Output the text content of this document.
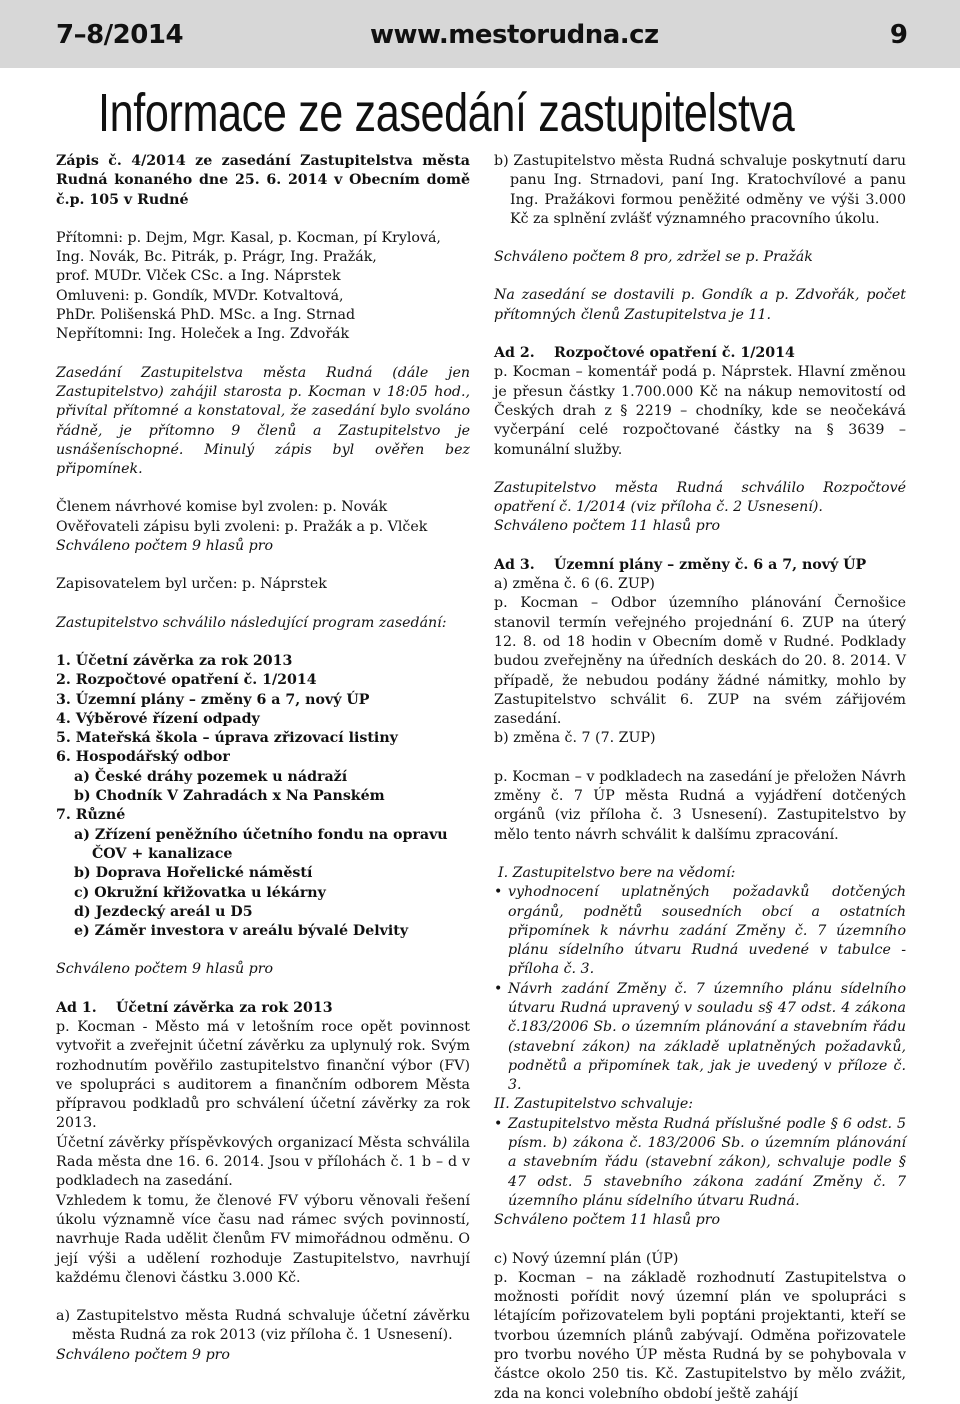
7–8/2014	www.mestorudna.cz	9
Informace ze zasedání zastupitelstva

Zápis č. 4/2014 ze zasedání Zastupitelstva města Rudná konaného dne 25. 6. 2014 v Obecním domě č.p. 105 v Rudné

Přítomni: p. Dejm, Mgr. Kasal, p. Kocman, pí Krylová,

Ing. Novák, Bc. Pitrák, p. Prágr, Ing. Pražák,

prof. MUDr. Vlček CSc. a Ing. Náprstek

Omluveni: p. Gondík, MVDr. Kotvaltová,

PhDr. Polišenská PhD. MSc. a Ing. Strnad

Nepřítomni: Ing. Holeček a Ing. Zdvořák

Zasedání Zastupitelstva města Rudná (dále jen Zastupitelstvo) zahájil starosta p. Kocman v 18:05 hod., přivítal přítomné a konstatoval, že zasedání bylo svoláno řádně, je přítomno 9 členů a Zastupitelstvo je usnášeníschopné. Minulý zápis byl ověřen bez připomínek.

Členem návrhové komise byl zvolen: p. Novák

Ověřovateli zápisu byli zvoleni: p. Pražák a p. Vlček

Schváleno počtem 9 hlasů pro

Zapisovatelem byl určen: p. Náprstek

Zastupitelstvo schválilo následující program zasedání:

1. Účetní závěrka za rok 2013

2. Rozpočtové opatření č. 1/2014

3. Územní plány – změny 6 a 7, nový ÚP

4. Výběrové řízení odpady

5. Mateřská škola – úprava zřizovací listiny

6. Hospodářský odbor

a) České dráhy pozemek u nádraží

b) Chodník V Zahradách x Na Panském

7. Různé

a) Zřízení peněžního účetního fondu na opravu ČOV + kanalizace

b) Doprava Hořelické náměstí

c) Okružní křižovatka u lékárny

d) Jezdecký areál u D5

e) Záměr investora v areálu bývalé Delvity

Schváleno počtem 9 hlasů pro

Ad 1. Účetní závěrka za rok 2013

p. Kocman - Město má v letošním roce opět povinnost vytvořit a zveřejnit účetní závěrku za uplynulý rok. Svým rozhodnutím pověřilo zastupitelstvo finanční výbor (FV) ve spolupráci s auditorem a finančním odborem Města přípravou podkladů pro schválení účetní závěrky za rok 2013.

Účetní závěrky příspěvkových organizací Města schválila Rada města dne 16. 6. 2014. Jsou v přílohách č. 1 b – d v podkladech na zasedání.

Vzhledem k tomu, že členové FV výboru věnovali řešení úkolu významně více času nad rámec svých povinností, navrhuje Rada udělit členům FV mimořádnou odměnu. O její výši a udělení rozhoduje Zastupitelstvo, navrhují každému členovi částku 3.000 Kč.

a) Zastupitelstvo města Rudná schvaluje účetní závěrku města Rudná za rok 2013 (viz příloha č. 1 Usnesení).

Schváleno počtem 9 pro

b) Zastupitelstvo města Rudná schvaluje poskytnutí daru panu Ing. Strnadovi, paní Ing. Kratochvílové a panu Ing. Pražákovi formou peněžité odměny ve výši 3.000 Kč za splnění zvlášť významného pracovního úkolu.

Schváleno počtem 8 pro, zdržel se p. Pražák

Na zasedání se dostavili p. Gondík a p. Zdvořák, počet přítomných členů Zastupitelstva je 11.

Ad 2. Rozpočtové opatření č. 1/2014

p. Kocman – komentář podá p. Náprstek. Hlavní změnou je přesun částky 1.700.000 Kč na nákup nemovitostí od Českých drah z § 2219 – chodníky, kde se neočekává vyčerpání celé rozpočtované částky na § 3639 – komunální služby.

Zastupitelstvo města Rudná schválilo Rozpočtové opatření č. 1/2014 (viz příloha č. 2 Usnesení).

Schváleno počtem 11 hlasů pro

Ad 3. Územní plány – změny č. 6 a 7, nový ÚP

a) změna č. 6 (6. ZUP)

p. Kocman – Odbor územního plánování Černošice stanovil termín veřejného projednání 6. ZUP na úterý 12. 8. od 18 hodin v Obecním domě v Rudné. Podklady budou zveřejněny na úředních deskách do 20. 8. 2014. V případě, že nebudou podány žádné námitky, mohlo by Zastupitelstvo schválit 6. ZUP na svém zářijovém zasedání.

b) změna č. 7 (7. ZUP)

p. Kocman – v podkladech na zasedání je přeložen Návrh změny č. 7 ÚP města Rudná a vyjádření dotčených orgánů (viz příloha č. 3 Usnesení). Zastupitelstvo by mělo tento návrh schválit k dalšímu zpracování.

I. Zastupitelstvo bere na vědomí:

• vyhodnocení uplatněných požadavků dotčených orgánů, podnětů sousedních obcí a ostatních připomínek k návrhu zadání Změny č. 7 územního plánu sídelního útvaru Rudná uvedené v tabulce - příloha č. 3.

• Návrh zadání Změny č. 7 územního plánu sídelního útvaru Rudná upravený v souladu s§ 47 odst. 4 zákona č.183/2006 Sb. o územním plánování a stavebním řádu (stavební zákon) na základě uplatněných požadavků, podnětů a připomínek tak, jak je uvedený v příloze č. 3.

II. Zastupitelstvo schvaluje:

• Zastupitelstvo města Rudná příslušné podle § 6 odst. 5 písm. b) zákona č. 183/2006 Sb. o územním plánování a stavebním řádu (stavební zákon), schvaluje podle § 47 odst. 5 stavebního zákona zadání Změny č. 7 územního plánu sídelního útvaru Rudná.

Schváleno počtem 11 hlasů pro

c) Nový územní plán (ÚP)

p. Kocman – na základě rozhodnutí Zastupitelstva o možnosti pořídit nový územní plán ve spolupráci s létajícím pořizovatelem byli poptáni projektanti, kteří se tvorbou územních plánů zabývají. Odměna pořizovatele pro tvorbu nového ÚP města Rudná by se pohybovala v částce okolo 250 tis. Kč. Zastupitelstvo by mělo zvážit, zda na konci volebního období ještě zahájí
